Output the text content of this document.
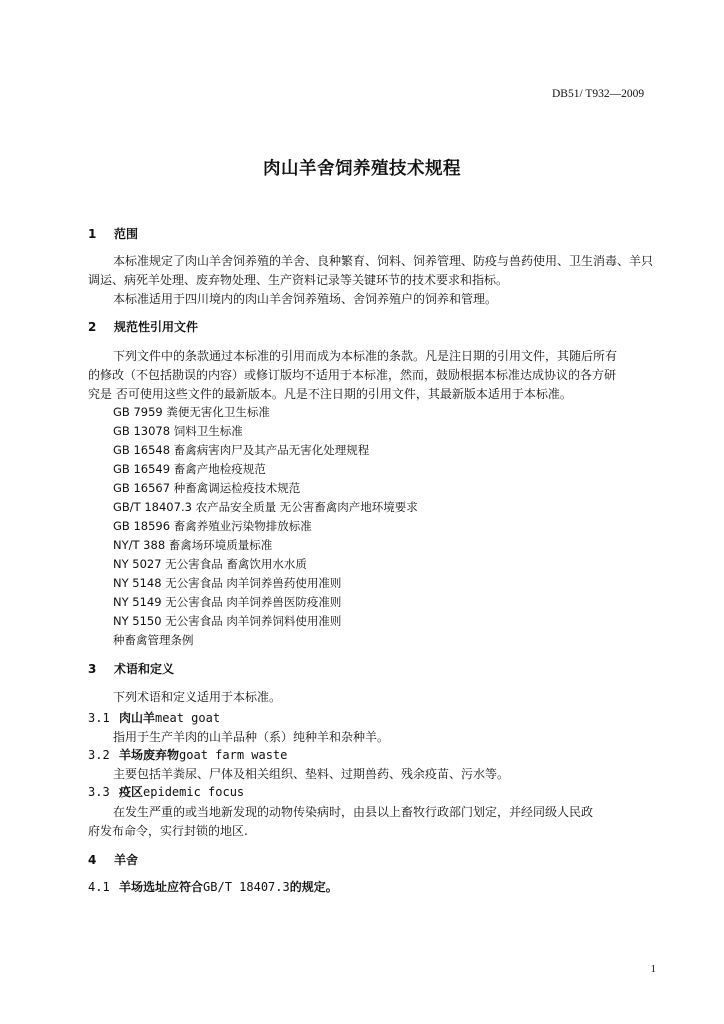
DB51/ T932—2009
肉山羊舍饲养殖技术规程
1 范围
本标准规定了肉山羊舍饲养殖的羊舍、良种繁育、饲料、饲养管理、防疫与兽药使用、卫生消毒、羊只
调运、病死羊处理、废弃物处理、生产资料记录等关键环节的技术要求和指标。
本标准适用于四川境内的肉山羊舍饲养殖场、舍饲养殖户的饲养和管理。
2 规范性引用文件
下列文件中的条款通过本标准的引用而成为本标准的条款。凡是注日期的引用文件，其随后所有
的修改（不包括勘误的内容）或修订版均不适用于本标准，然而，鼓励根据本标准达成协议的各方研
究是 否可使用这些文件的最新版本。凡是不注日期的引用文件，其最新版本适用于本标准。
GB 7959 粪便无害化卫生标准
GB 13078 饲料卫生标准
GB 16548 畜禽病害肉尸及其产品无害化处理规程
GB 16549 畜禽产地检疫规范
GB 16567 种畜禽调运检疫技术规范
GB/T 18407.3 农产品安全质量 无公害畜禽肉产地环境要求
GB 18596 畜禽养殖业污染物排放标准
NY/T 388 畜禽场环境质量标准
NY 5027 无公害食品 畜禽饮用水水质
NY 5148 无公害食品 肉羊饲养兽药使用准则
NY 5149 无公害食品 肉羊饲养兽医防疫准则
NY 5150 无公害食品 肉羊饲养饲料使用准则
种畜禽管理条例
3 术语和定义
下列术语和定义适用于本标准。
3.1 肉山羊meat goat
指用于生产羊肉的山羊品种（系）纯种羊和杂种羊。
3.2 羊场废弃物goat farm waste
主要包括羊粪尿、尸体及相关组织、垫料、过期兽药、残余疫苗、污水等。
3.3 疫区epidemic focus
在发生严重的或当地新发现的动物传染病时，由县以上畜牧行政部门划定，并经同级人民政
府发布命令，实行封锁的地区.
4 羊舍
4.1 羊场选址应符合GB/T 18407.3的规定。
1
